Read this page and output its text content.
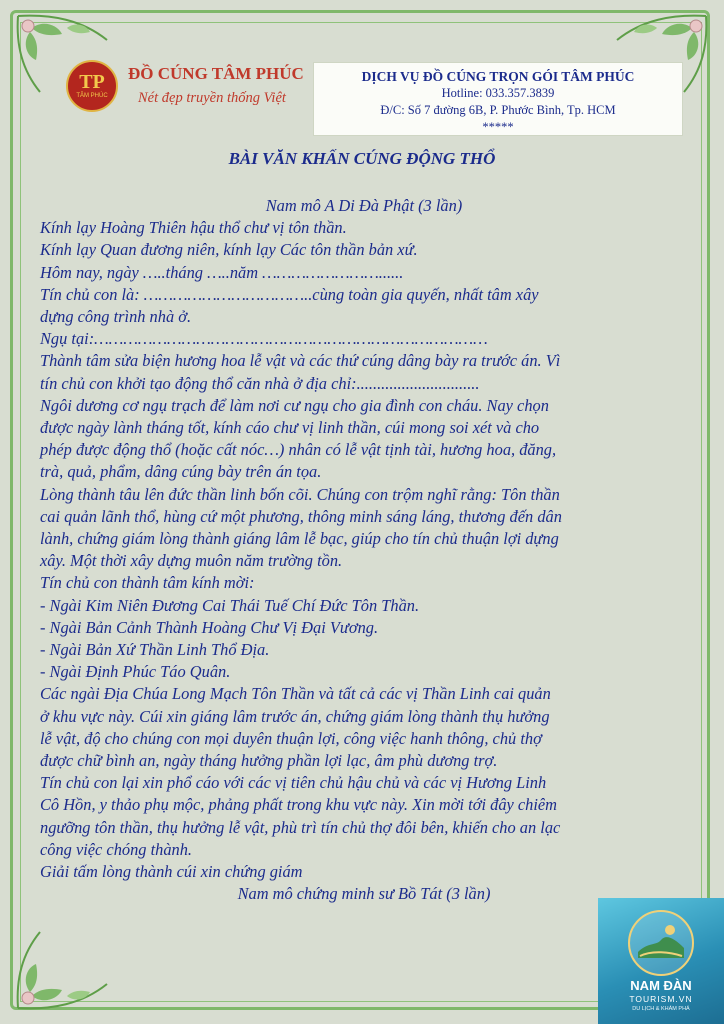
TP
TÂM PHÚC
ĐỒ CÚNG TÂM PHÚC
Nét đẹp truyền thống Việt
DỊCH VỤ ĐỒ CÚNG TRỌN GÓI TÂM PHÚC
Hotline: 033.357.3839
Đ/C: Số 7 đường 6B, P. Phước Bình, Tp. HCM
*****
BÀI VĂN KHẤN CÚNG ĐỘNG THỔ
Nam mô A Di Đà Phật (3 lần)
Kính lạy Hoàng Thiên hậu thổ chư vị tôn thần.
Kính lạy Quan đương niên, kính lạy Các tôn thần bản xứ.
Hôm nay, ngày …..tháng …..năm ……………………......
Tín chủ con là: ……………………………..cùng toàn gia quyến, nhất tâm xây
dựng công trình nhà ở.
Ngụ tại:………………………………………………………………………
Thành tâm sửa biện hương hoa lễ vật và các thứ cúng dâng bày ra trước án. Vì
tín chủ con khởi tạo động thổ căn nhà ở địa chỉ:..............................
Ngôi dương cơ ngụ trạch để làm nơi cư ngụ cho gia đình con cháu. Nay chọn
được ngày lành tháng tốt, kính cáo chư vị linh thần, cúi mong soi xét và cho
phép được động thổ (hoặc cất nóc…) nhân có lễ vật tịnh tài, hương hoa, đăng,
trà, quả, phẩm, dâng cúng bày trên án tọa.
Lòng thành tâu lên đức thần linh bốn cõi. Chúng con trộm nghĩ rằng: Tôn thần
cai quản lãnh thổ, hùng cứ một phương, thông minh sáng láng, thương đến dân
lành, chứng giám lòng thành giáng lâm lễ bạc, giúp cho tín chủ thuận lợi dựng
xây. Một thời xây dựng muôn năm trường tồn.
Tín chủ con thành tâm kính mời:
- Ngài Kim Niên Đương Cai Thái Tuế Chí Đức Tôn Thần.
- Ngài Bản Cảnh Thành Hoàng Chư Vị Đại Vương.
- Ngài Bản Xứ Thần Linh Thổ Địa.
- Ngài Định Phúc Táo Quân.
Các ngài Địa Chúa Long Mạch Tôn Thần và tất cả các vị Thần Linh cai quản
ở khu vực này. Cúi xin giáng lâm trước án, chứng giám lòng thành thụ hưởng
lễ vật, độ cho chúng con mọi duyên thuận lợi, công việc hanh thông, chủ thợ
được chữ bình an, ngày tháng hưởng phần lợi lạc, âm phù dương trợ.
Tín chủ con lại xin phổ cáo với các vị tiên chủ hậu chủ và các vị Hương Linh
Cô Hồn, y thảo phụ mộc, phảng phất trong khu vực này. Xin mời tới đây chiêm
ngưỡng tôn thần, thụ hưởng lễ vật, phù trì tín chủ thợ đôi bên, khiến cho an lạc
công việc chóng thành.
Giải tấm lòng thành cúi xin chứng giám
Nam mô chứng minh sư Bồ Tát (3 lần)
NAM ĐÀN
TOURISM.VN
DU LỊCH & KHÁM PHÁ
